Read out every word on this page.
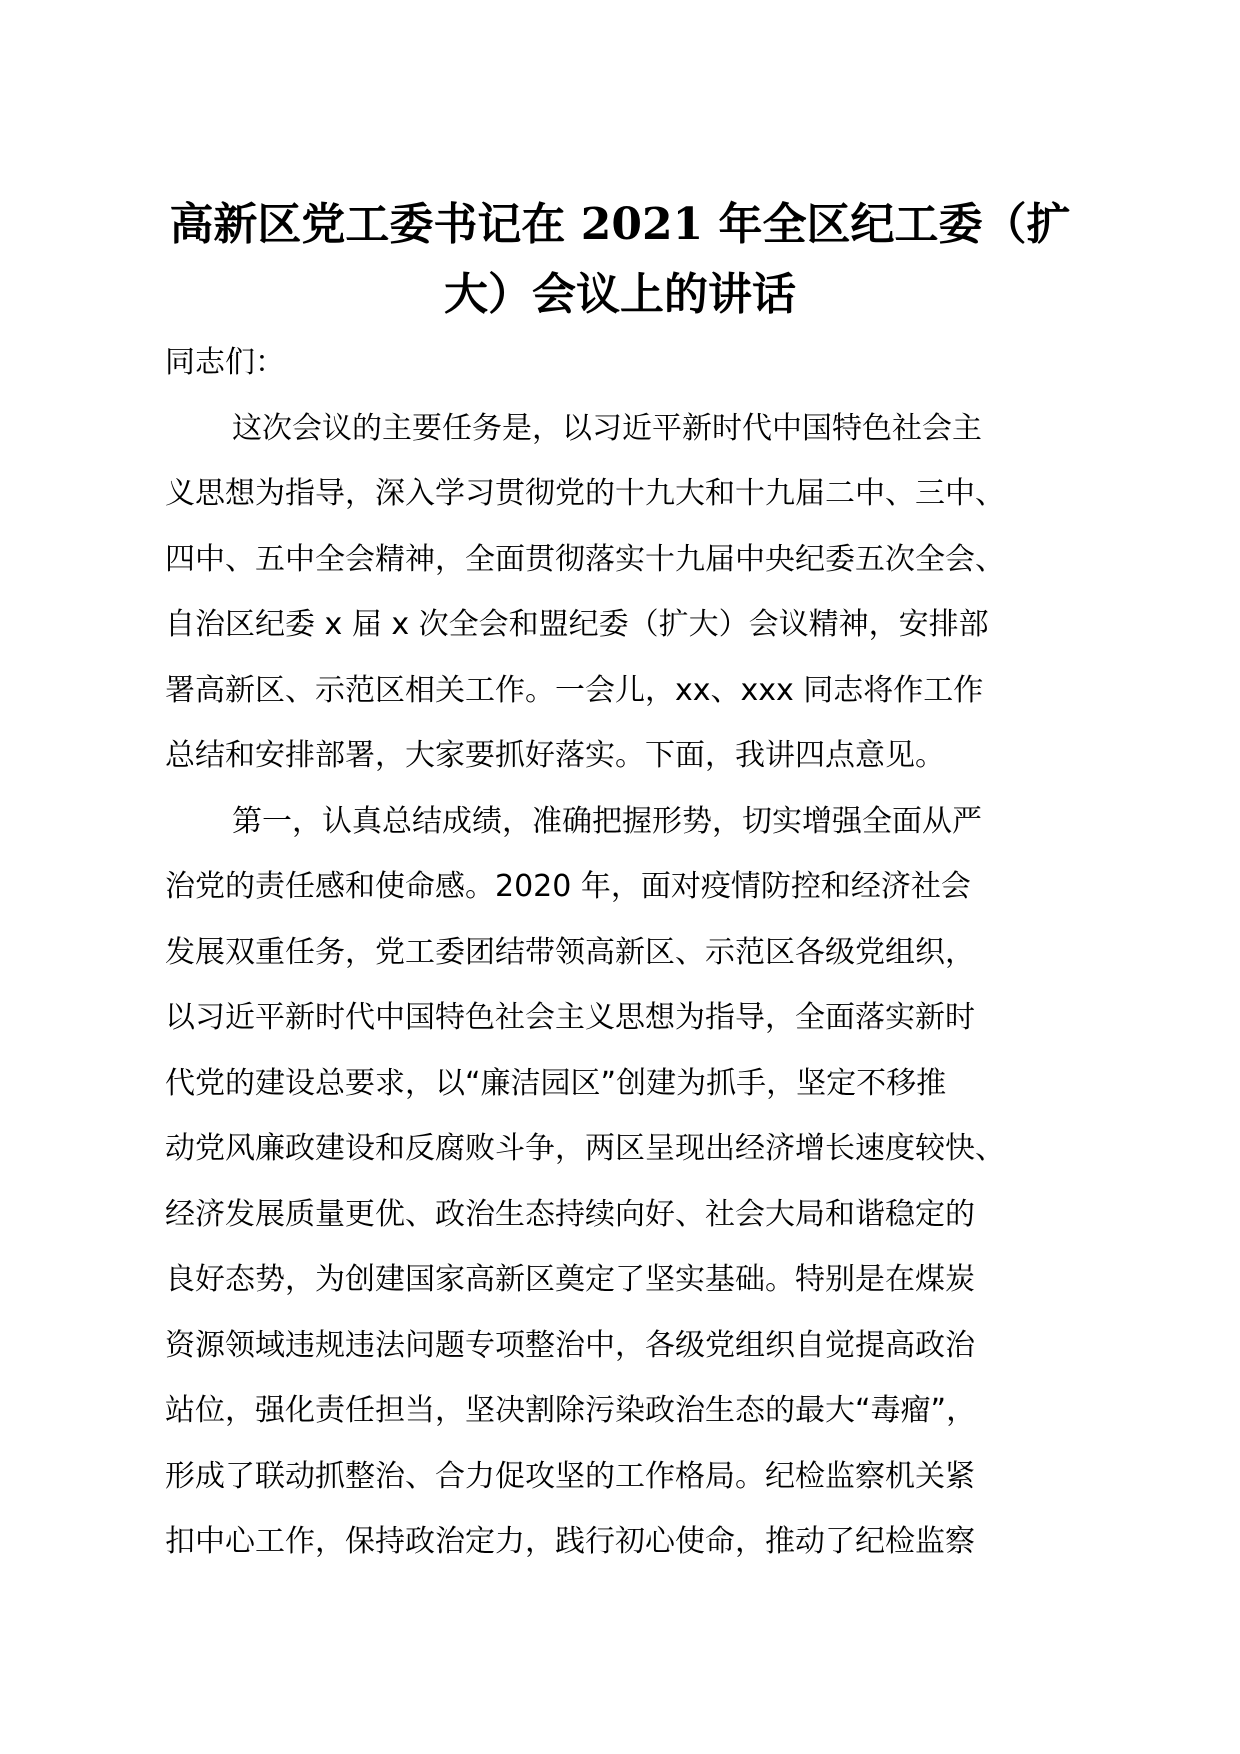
高新区党工委书记在 2021 年全区纪工委（扩
大）会议上的讲话
同志们：
这次会议的主要任务是，以习近平新时代中国特色社会主
义思想为指导，深入学习贯彻党的十九大和十九届二中、三中、
四中、五中全会精神，全面贯彻落实十九届中央纪委五次全会、
自治区纪委 x 届 x 次全会和盟纪委（扩大）会议精神，安排部
署高新区、示范区相关工作。一会儿，xx、xxx 同志将作工作
总结和安排部署，大家要抓好落实。下面，我讲四点意见。
第一，认真总结成绩，准确把握形势，切实增强全面从严
治党的责任感和使命感。2020 年，面对疫情防控和经济社会
发展双重任务，党工委团结带领高新区、示范区各级党组织，
以习近平新时代中国特色社会主义思想为指导，全面落实新时
代党的建设总要求，以“廉洁园区”创建为抓手，坚定不移推
动党风廉政建设和反腐败斗争，两区呈现出经济增长速度较快、
经济发展质量更优、政治生态持续向好、社会大局和谐稳定的
良好态势，为创建国家高新区奠定了坚实基础。特别是在煤炭
资源领域违规违法问题专项整治中，各级党组织自觉提高政治
站位，强化责任担当，坚决割除污染政治生态的最大“毒瘤”，
形成了联动抓整治、合力促攻坚的工作格局。纪检监察机关紧
扣中心工作，保持政治定力，践行初心使命，推动了纪检监察
